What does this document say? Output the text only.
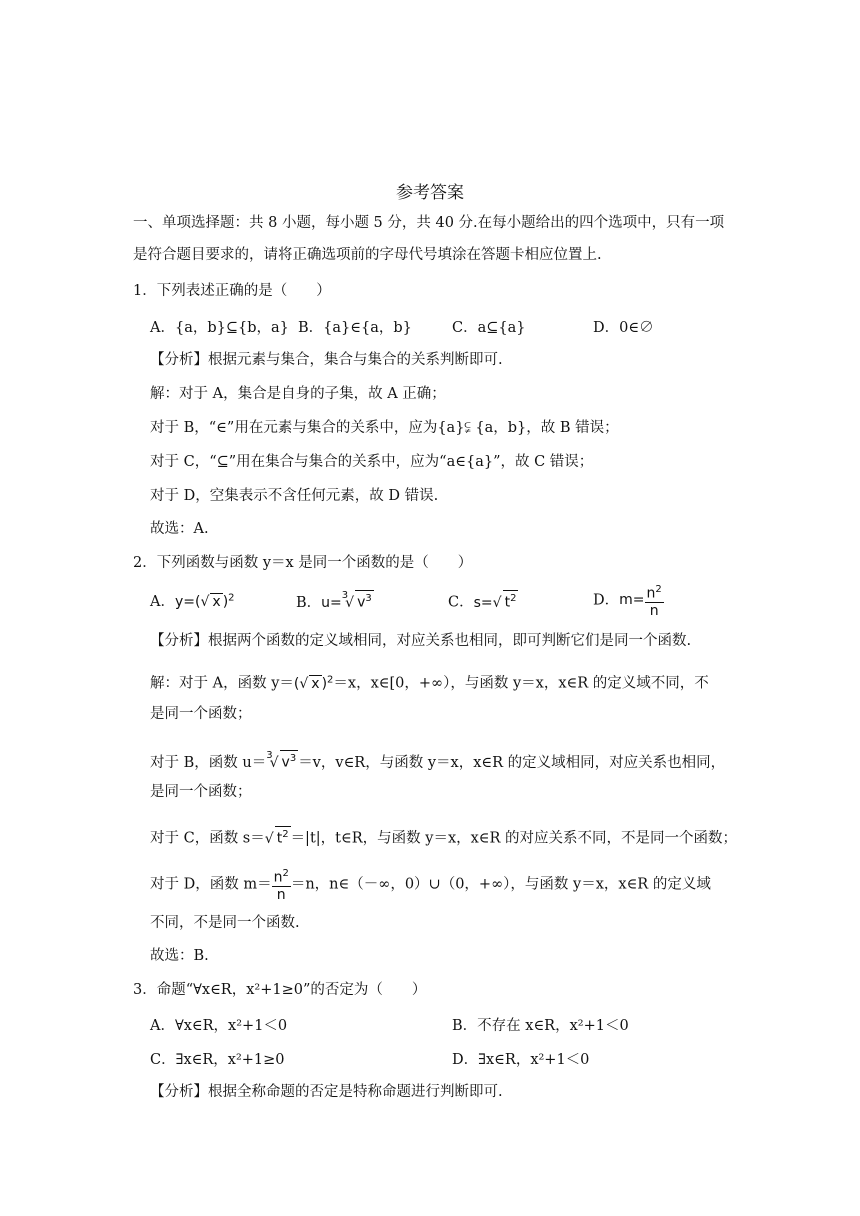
参考答案
一、单项选择题：共 8 小题，每小题 5 分，共 40 分.在每小题给出的四个选项中，只有一项
是符合题目要求的，请将正确选项前的字母代号填涂在答题卡相应位置上.
1．下列表述正确的是（　　）
A．{a，b}⊆{b，a} B．{a}∈{a，b}	C．a⊆{a}	D．0∈∅
【分析】根据元素与集合，集合与集合的关系判断即可.
解：对于 A，集合是自身的子集，故 A 正确；
对于 B，“∈”用在元素与集合的关系中，应为{a}⫋ {a，b}，故 B 错误；
对于 C，“⊆”用在集合与集合的关系中，应为“a∈{a}”，故 C 错误；
对于 D，空集表示不含任何元素，故 D 错误.
故选：A.
2．下列函数与函数 y＝x 是同一个函数的是（　　）
A．y=(√ x )$^2$	B．u=$^3$√ $v^3$	C．s=√ $t^2$	D．$m= \frac{n^2}{n}$
【分析】根据两个函数的定义域相同，对应关系也相同，即可判断它们是同一个函数.
解：对于 A，函数 y＝(√ x )$^2$＝x，x∈[0，+∞），与函数 y＝x，x∈R 的定义域不同，不
是同一个函数；
对于 B，函数 u＝$^3$√ $v^3 =v$，v∈R，与函数 y＝x，x∈R 的定义域相同，对应关系也相同，
是同一个函数；
对于 C，函数 s＝√ $t^2 =|t|$，t∈R，与函数 y＝x，x∈R 的对应关系不同，不是同一个函数；
对于 D，函数 $m= \frac{n^2}{n} =n$，n∈（－∞，0）∪（0，+∞），与函数 y＝x，x∈R 的定义域
不同，不是同一个函数.
故选：B.
3．命题“∀x∈R，x²+1≥0”的否定为（　　）
A．∀x∈R，x²+1＜0	B．不存在 x∈R，x²+1＜0
C．∃x∈R，x²+1≥0	D．∃x∈R，x²+1＜0
【分析】根据全称命题的否定是特称命题进行判断即可.
